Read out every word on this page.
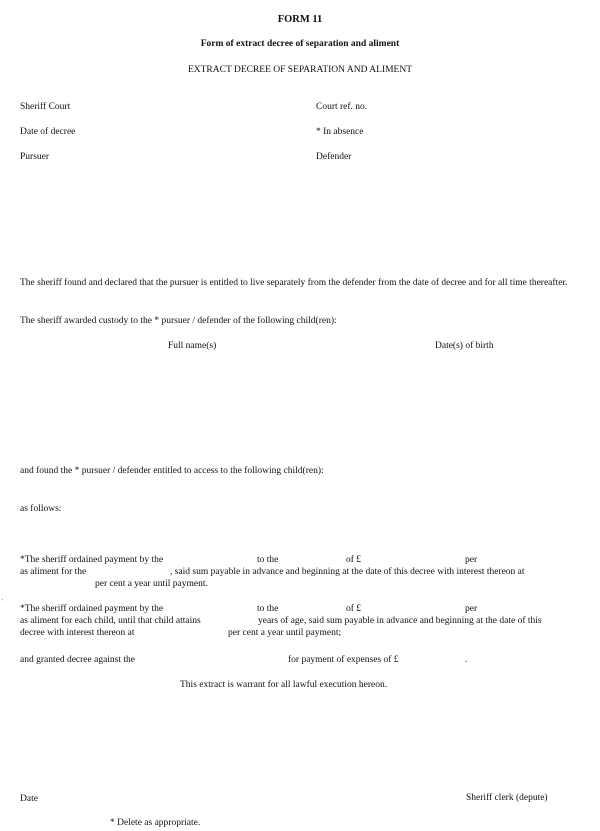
FORM 11
Form of extract decree of separation and aliment
EXTRACT DECREE OF SEPARATION AND ALIMENT
Sheriff Court	Court ref. no.
Date of decree	* In absence
Pursuer	Defender
The sheriff found and declared that the pursuer is entitled to live separately from the defender from the date of decree and for all time thereafter.
The sheriff awarded custody to the * pursuer / defender of the following child(ren):
Full name(s)	Date(s) of birth
and found the * pursuer / defender entitled to access to the following child(ren):
as follows:
*The sheriff ordained payment by the	to the	of £	per
as aliment for the	, said sum payable in advance and beginning at the date of this decree with interest thereon at
per cent a year until payment.
`
*The sheriff ordained payment by the	to the	of £	per
as aliment for each child, until that child attains	years of age, said sum payable in advance and beginning at the date of this
decree with interest thereon at	per cent a year until payment;
and granted decree against the	for payment of expenses of £	.
This extract is warrant for all lawful execution hereon.
Date	Sheriff clerk (depute)
* Delete as appropriate.
